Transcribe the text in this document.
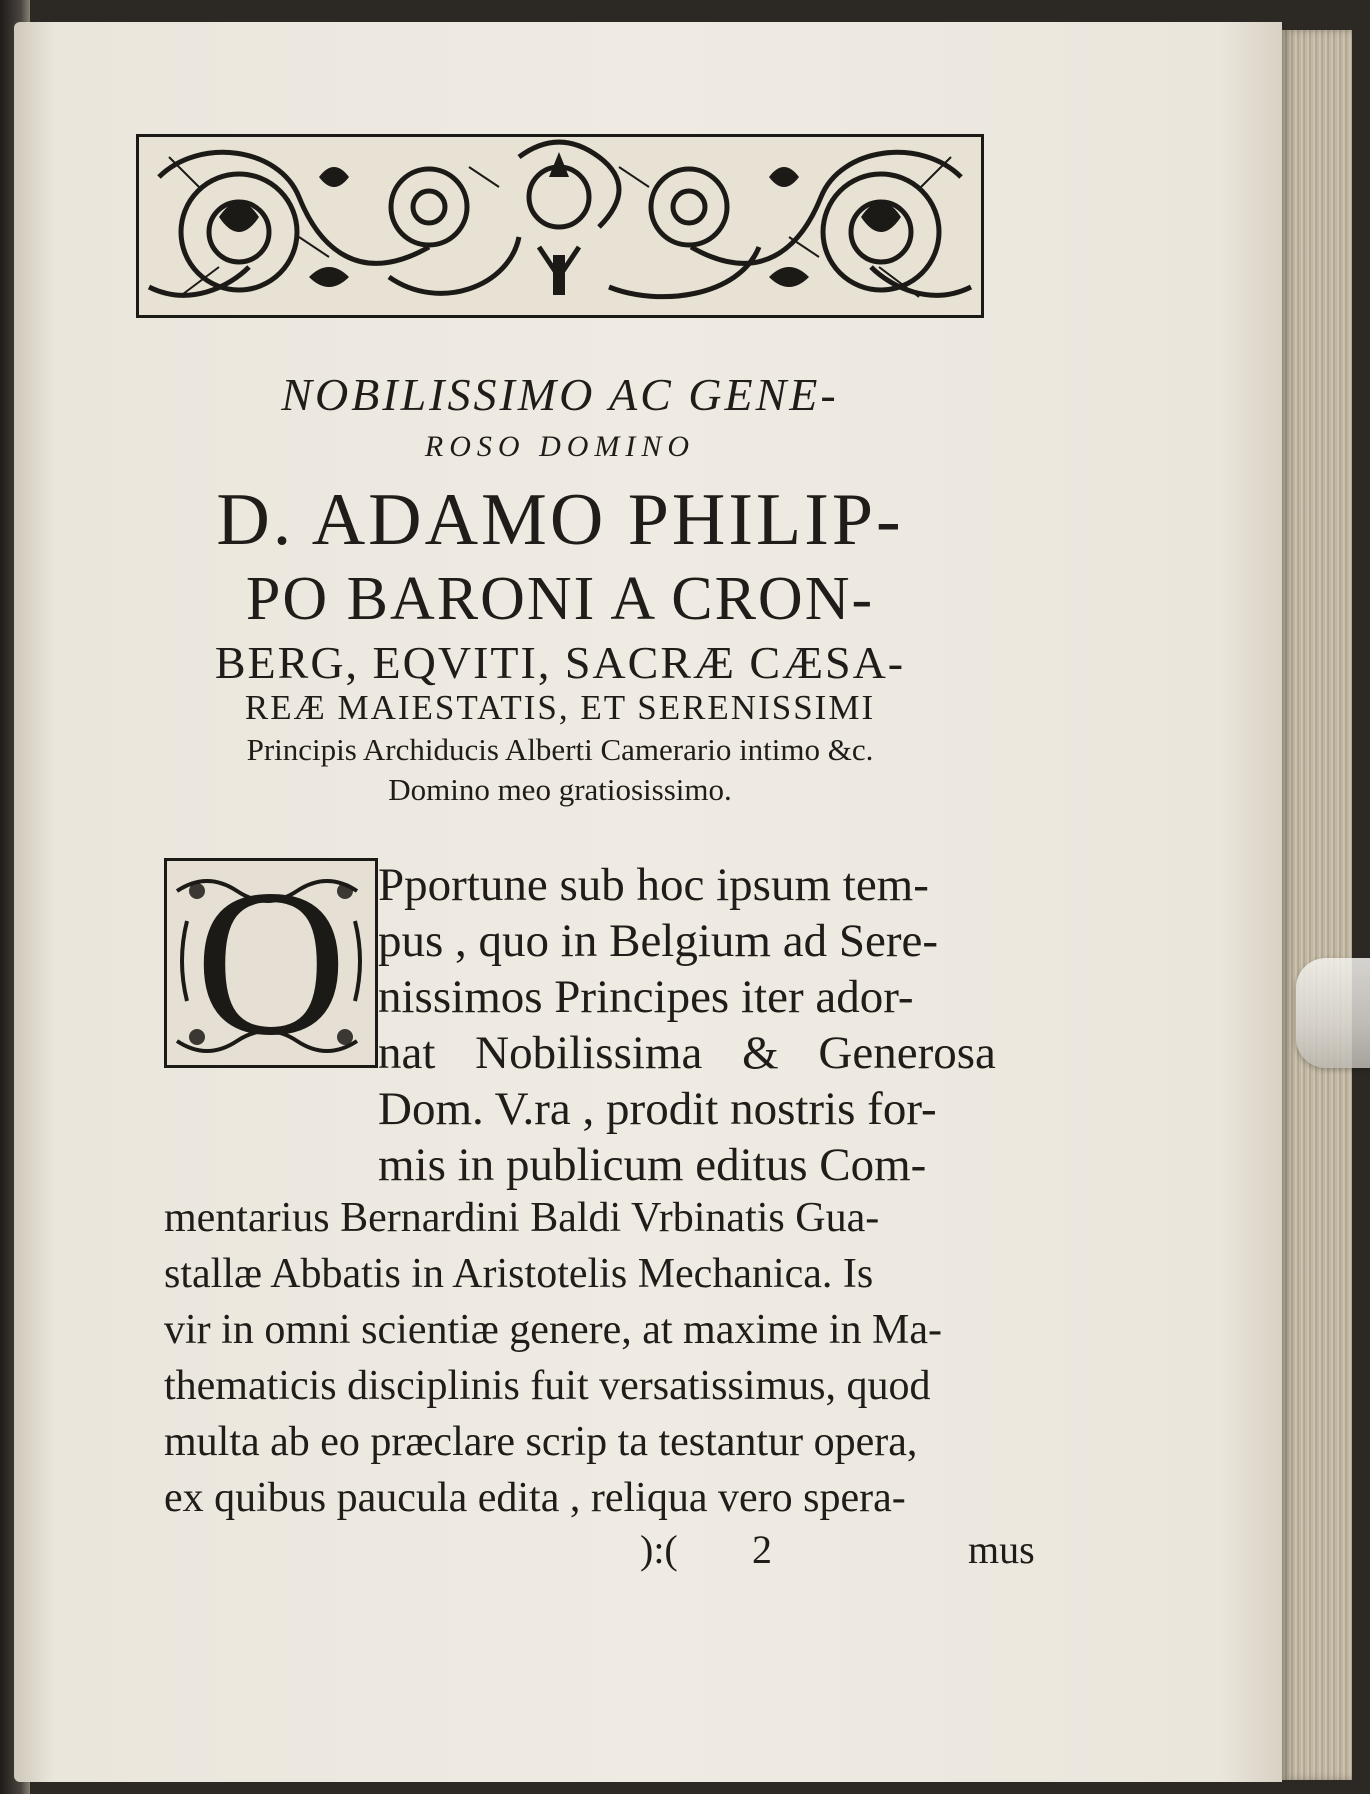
NOBILISSIMO AC GENE-
ROSO DOMINO
D. ADAMO PHILIP-
PO BARONI A CRON-
BERG, EQVITI, SACRÆ CÆSA-
REÆ MAIESTATIS, ET SERENISSIMI
Principis Archiducis Alberti Camerario intimo &c.
Domino meo gratiosissimo.
O Pportune sub hoc ipsum tem-
pus , quo in Belgium ad Sere-
nissimos Principes iter ador-
nat Nobilissima & Generosa
Dom. V.ra , prodit nostris for-
mis in publicum editus Com-
mentarius Bernardini Baldi Vrbinatis Gua-
stallæ Abbatis in Aristotelis Mechanica. Is
vir in omni scientiæ genere, at maxime in Ma-
thematicis disciplinis fuit versatissimus, quod
multa ab eo præclare scrip ta testantur opera,
ex quibus paucula edita , reliqua vero spera-
):( 2	mus
